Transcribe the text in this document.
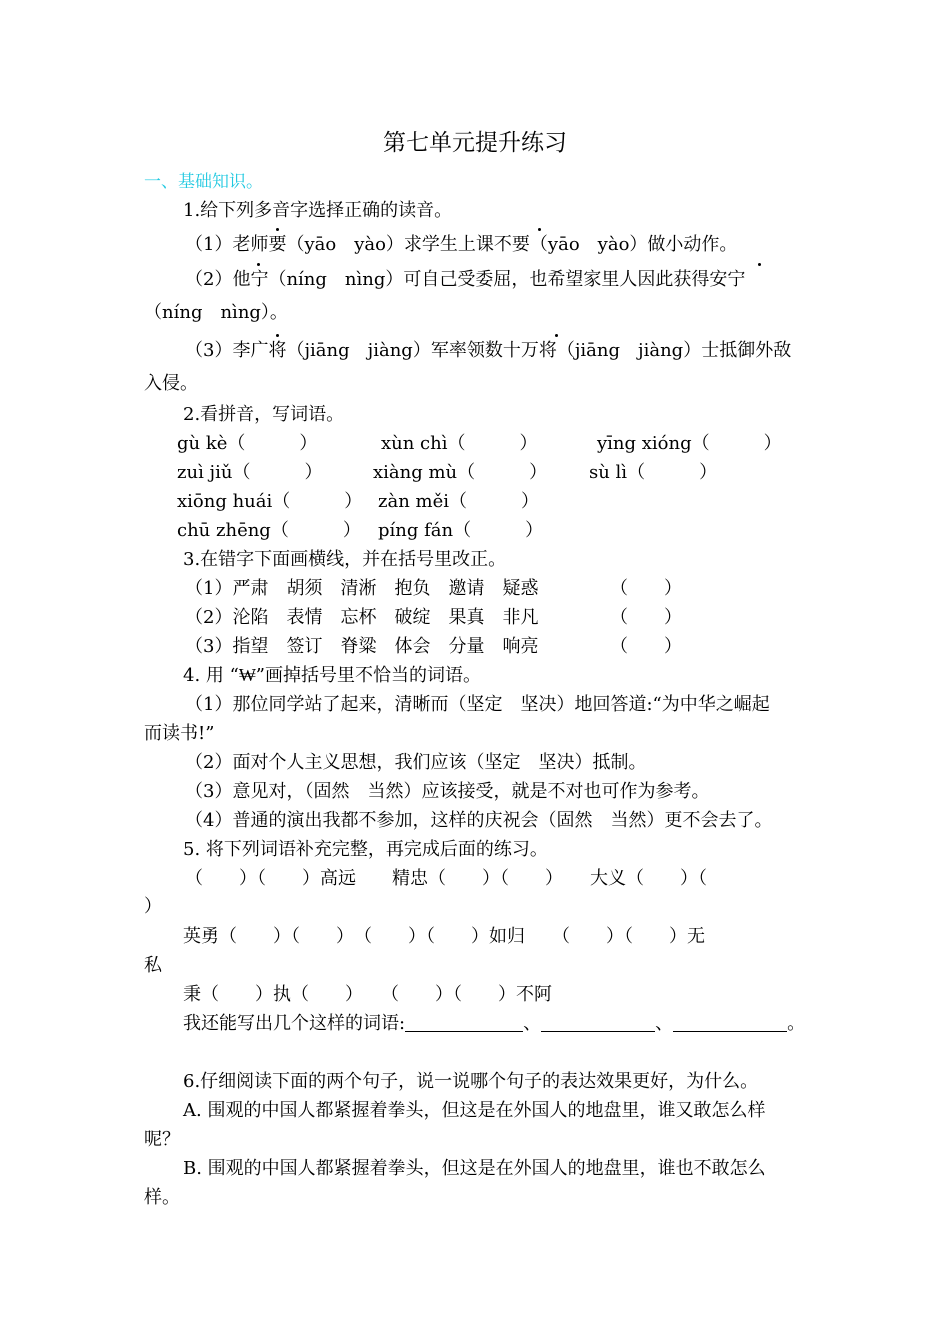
第七单元提升练习
一、基础知识。
1.给下列多音字选择正确的读音。
（1）老师要（yāo　yào）求学生上课不要（yāo　yào）做小动作。
（2）他宁（níng　nìng）可自己受委屈，也希望家里人因此获得安宁
（níng　nìng）。
（3）李广将（jiāng　jiàng）军率领数十万将（jiāng　jiàng）士抵御外敌
入侵。
2.看拼音，写词语。
gù kè（　　　）	xùn chì（　　　）	yīng xióng（　　　）
zuì jiǔ（　　　）	xiàng mù（　　　） sù lì（　　　）
xiōng huái（　　　） zàn měi（　　　）
chū zhēng（　　　） píng fán（　　　）
3.在错字下面画横线，并在括号里改正。
（1）严肃　胡须　清淅　抱负　邀请　疑惑	（　　）
（2）沦陷　表情　忘杯　破绽　果真　非凡	（　　）
（3）指望　签订　脊粱　体会　分量　响亮	（　　）
4. 用 “₩”画掉括号里不恰当的词语。
（1）那位同学站了起来，清晰而（坚定　坚决）地回答道:“为中华之崛起
而读书!”
（2）面对个人主义思想，我们应该（坚定　坚决）抵制。
（3）意见对，（固然　当然）应该接受，就是不对也可作为参考。
（4）普通的演出我都不参加，这样的庆祝会（固然　当然）更不会去了。
5. 将下列词语补充完整，再完成后面的练习。
（　　）（　　）高远　　精忠（　　）（　　）　　大义（　　）（
）
英勇（　　）（　　）　（　　）（　　）如归　　（　　）（　　）无
私
秉（　　）执（　　）　　（　　）（　　）不阿
我还能写出几个这样的词语:	、	、	。
6.仔细阅读下面的两个句子，说一说哪个句子的表达效果更好，为什么。
A. 围观的中国人都紧握着拳头，但这是在外国人的地盘里，谁又敢怎么样
呢？
B. 围观的中国人都紧握着拳头，但这是在外国人的地盘里，谁也不敢怎么
样。
